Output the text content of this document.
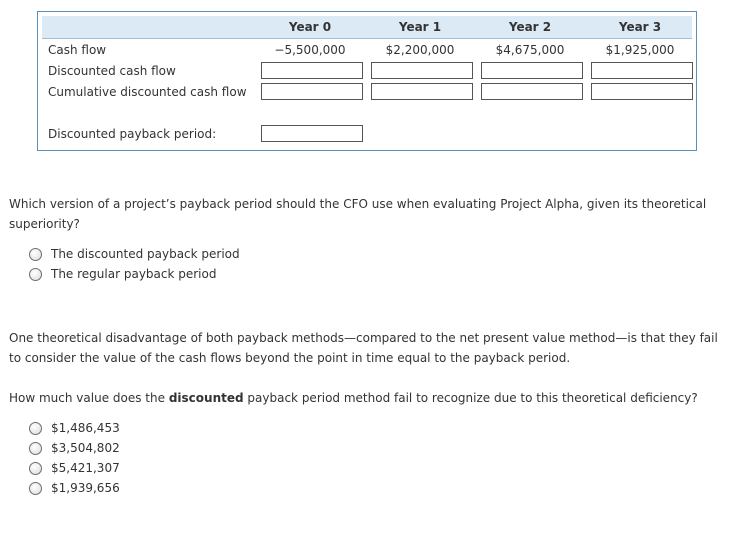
Year 0	Year 1	Year 2	Year 3
Cash flow	−5,500,000	$2,200,000	$4,675,000	$1,925,000
Discounted cash flow
Cumulative discounted cash flow
Discounted payback period:
Which version of a project’s payback period should the CFO use when evaluating Project Alpha, given its theoretical superiority?
The discounted payback period
The regular payback period
One theoretical disadvantage of both payback methods—compared to the net present value method—is that they fail to consider the value of the cash flows beyond the point in time equal to the payback period.
How much value does the discounted payback period method fail to recognize due to this theoretical deficiency?
$1,486,453
$3,504,802
$5,421,307
$1,939,656
